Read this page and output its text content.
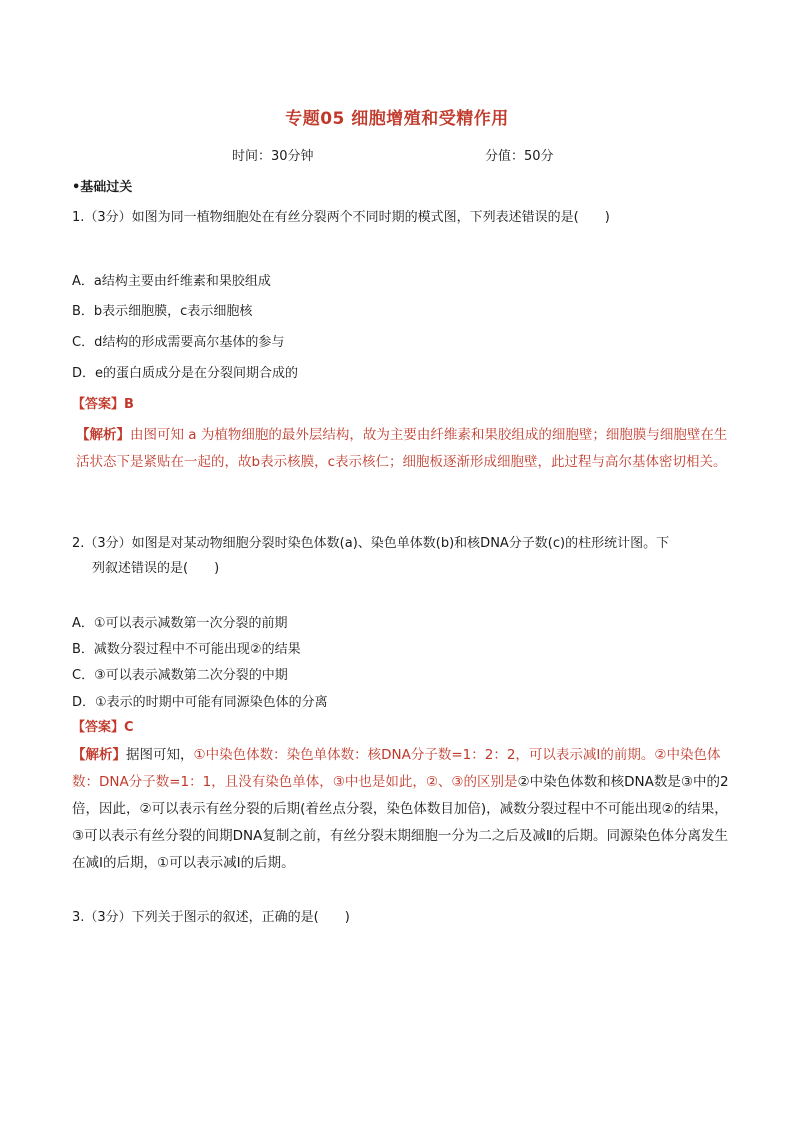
专题05 细胞增殖和受精作用
时间：30分钟	分值：50分
•基础过关
1.（3分）如图为同一植物细胞处在有丝分裂两个不同时期的模式图，下列表述错误的是(　　)
A．a结构主要由纤维素和果胶组成
B．b表示细胞膜，c表示细胞核
C．d结构的形成需要高尔基体的参与
D．e的蛋白质成分是在分裂间期合成的
【答案】B
【解析】由图可知 a 为植物细胞的最外层结构，故为主要由纤维素和果胶组成的细胞壁；细胞膜与细胞壁在生活状态下是紧贴在一起的，故b表示核膜，c表示核仁；细胞板逐渐形成细胞壁，此过程与高尔基体密切相关。
2.（3分）如图是对某动物细胞分裂时染色体数(a)、染色单体数(b)和核DNA分子数(c)的柱形统计图。下
列叙述错误的是(　　)
A．①可以表示减数第一次分裂的前期
B．减数分裂过程中不可能出现②的结果
C．③可以表示减数第二次分裂的中期
D．①表示的时期中可能有同源染色体的分离
【答案】C
【解析】据图可知，①中染色体数：染色单体数：核DNA分子数=1：2：2，可以表示减Ⅰ的前期。②中染色体数：DNA分子数=1：1，且没有染色单体，③中也是如此，②、③的区别是②中染色体数和核DNA数是③中的2倍，因此，②可以表示有丝分裂的后期(着丝点分裂，染色体数目加倍)，减数分裂过程中不可能出现②的结果，③可以表示有丝分裂的间期DNA复制之前，有丝分裂末期细胞一分为二之后及减Ⅱ的后期。同源染色体分离发生在减Ⅰ的后期，①可以表示减Ⅰ的后期。
3.（3分）下列关于图示的叙述，正确的是(　　)
